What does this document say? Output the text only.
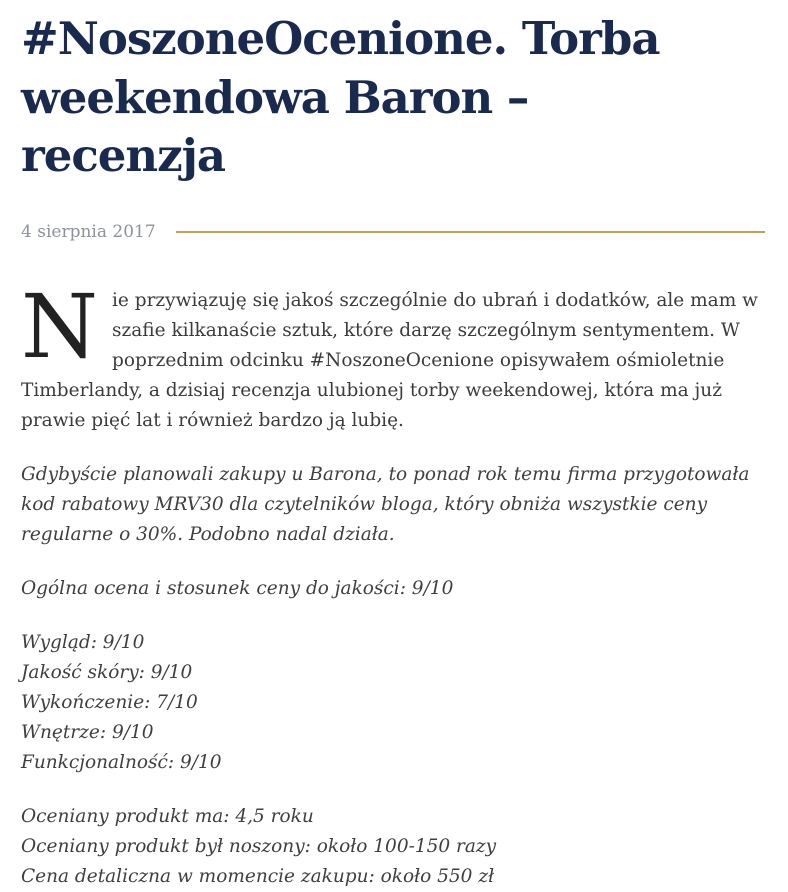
#NoszoneOcenione. Torba weekendowa Baron – recenzja
4 sierpnia 2017

Nie przywiązuję się jakoś szczególnie do ubrań i dodatków, ale mam w szafie kilkanaście sztuk, które darzę szczególnym sentymentem. W poprzednim odcinku #NoszoneOcenione opisywałem ośmioletnie Timberlandy, a dzisiaj recenzja ulubionej torby weekendowej, która ma już prawie pięć lat i również bardzo ją lubię.

Gdybyście planowali zakupy u Barona, to ponad rok temu firma przygotowała kod rabatowy MRV30 dla czytelników bloga, który obniża wszystkie ceny regularne o 30%. Podobno nadal działa.

Ogólna ocena i stosunek ceny do jakości: 9/10

Wygląd: 9/10
Jakość skóry: 9/10
Wykończenie: 7/10
Wnętrze: 9/10
Funkcjonalność: 9/10

Oceniany produkt ma: 4,5 roku
Oceniany produkt był noszony: około 100-150 razy
Cena detaliczna w momencie zakupu: około 550 zł
